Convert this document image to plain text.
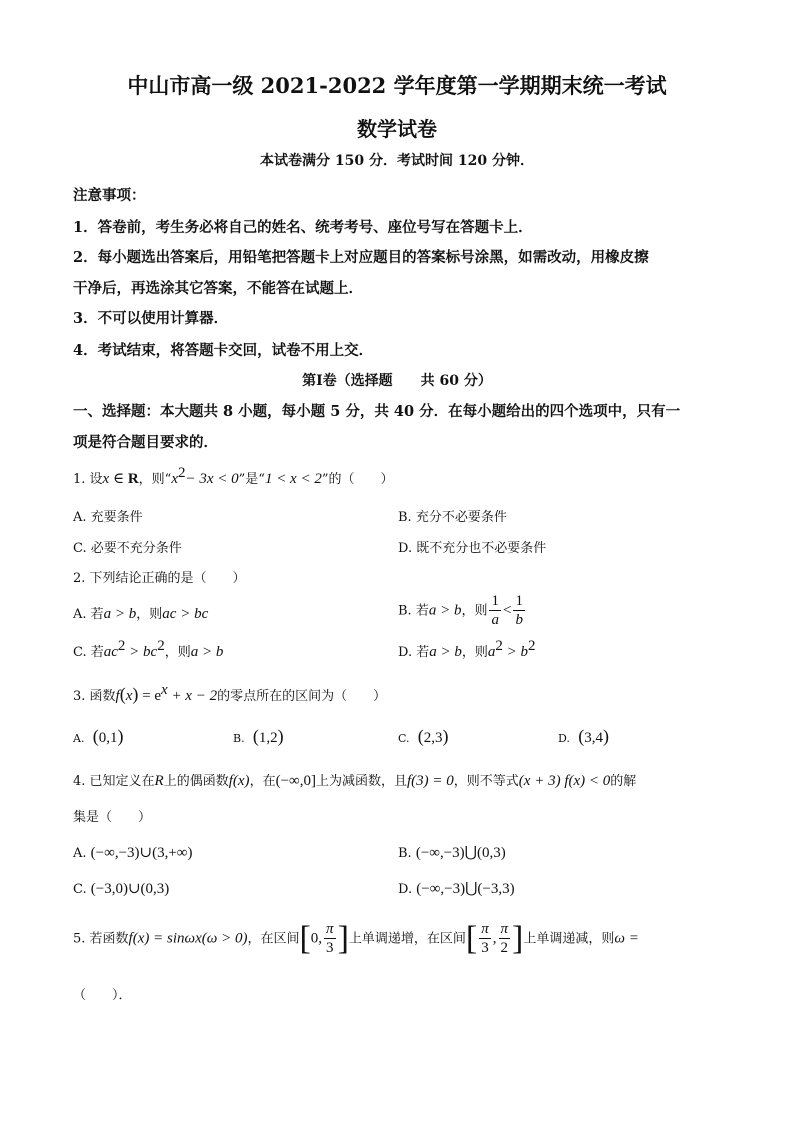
中山市高一级 2021-2022 学年度第一学期期末统一考试
数学试卷
本试卷满分 150 分．考试时间 120 分钟．
注意事项：
1．答卷前，考生务必将自己的姓名、统考考号、座位号写在答题卡上．
2．每小题选出答案后，用铅笔把答题卡上对应题目的答案标号涂黑，如需改动，用橡皮擦
干净后，再选涂其它答案，不能答在试题上．
3．不可以使用计算器．
4．考试结束，将答题卡交回，试卷不用上交．
第Ⅰ卷（选择题　　共 60 分）
一、选择题：本大题共 8 小题，每小题 5 分，共 40 分．在每小题给出的四个选项中，只有一
项是符合题目要求的．
1. 设x ∈ R，则“$x^2- 3x < 0$”是“1 < x < 2”的（　　）
A. 充要条件	B. 充分不必要条件
C. 必要不充分条件	D. 既不充分也不必要条件
2. 下列结论正确的是（　　）
A. 若a > b，则ac > bc	B. 若a > b，则 $\frac{1}{a} < \frac{1}{b}$
C. 若$ac^2 > bc^2$，则a > b	D. 若a > b，则$a^2 > b^2$
3. 函数$f(x) = e^x + x - 2$的零点所在的区间为（　　）
A. (0,1)	B. (1,2)	C. (2,3)	D. (3,4)
4. 已知定义在R上的偶函数f(x)，在(−∞,0]上为减函数，且f(3) = 0，则不等式(x + 3) f(x) < 0的解
集是（　　）
A. (−∞,−3)∪(3,+∞)	B. (−∞,−3)⋃(0,3)
C. (−3,0)∪(0,3)	D. (−∞,−3)⋃(−3,3)
5. 若函数f(x) = sinωx(ω > 0)，在区间[0, $\frac{\pi}{3}$ ]上单调递增，在区间[ $\frac{\pi}{3}$ , $\frac{\pi}{2}$ ]上单调递减，则ω =
（　　）．
